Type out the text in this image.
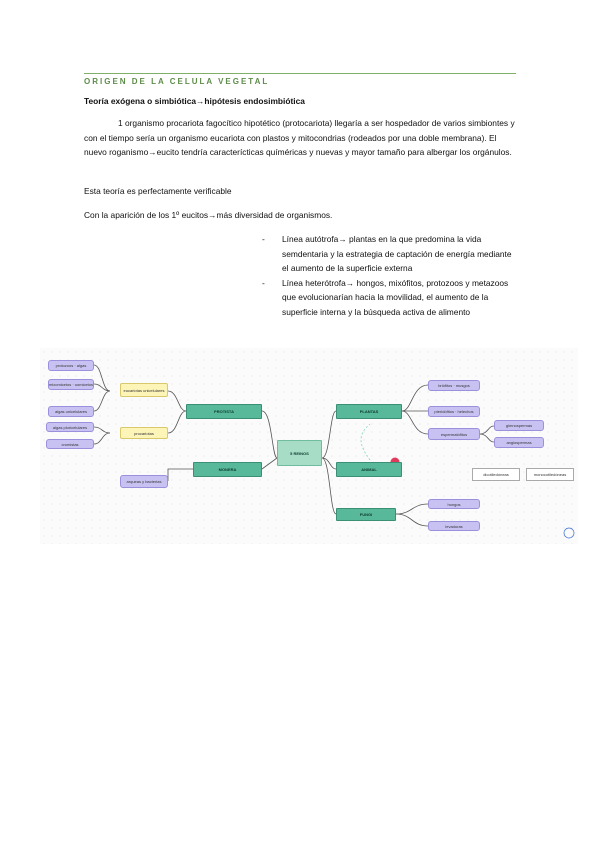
ORIGEN DE LA CELULA VEGETAL
Teoría exógena o simbiótica→hipótesis endosimbiótica
1 organismo procariota fagocítico hipotético (protocariota) llegaría a ser hospedador de varios simbiontes y con el tiempo sería un organismo eucariota con plastos y mitocondrias (rodeados por una doble membrana). El nuevo roganismo→eucito tendría caracterícticas químéricas y nuevas y mayor tamaño para albergar los orgánulos.
Esta teoría es perfectamente verificable
Con la aparición de los 1º eucitos→más diversidad de organismos.
- Línea autótrofa→ plantas en la que predomina la vida semdentaria y la estrategia de captación de energía mediante el aumento de la superficie externa
- Línea heterótrofa→ hongos, mixófitos, protozoos y metazoos que evolucionarían hacia la movilidad, el aumento de la superficie interna y la búsqueda activa de alimento
protozoos · algas
mixomicetos · oomicetos
algas unicelulares
algas pluricelulares
cromistas
eucariotas unicelulares
procariotas
arqueas y bacterias
PROTISTA
MONERA
5 REINOS
PLANTAS
ANIMAL
FUNGI
briófitos · musgos
pteridófitos · helechos
espermatófitos
gimnospermas
angiospermas
dicotiledóneas	monocotiledóneas
hongos
levaduras
